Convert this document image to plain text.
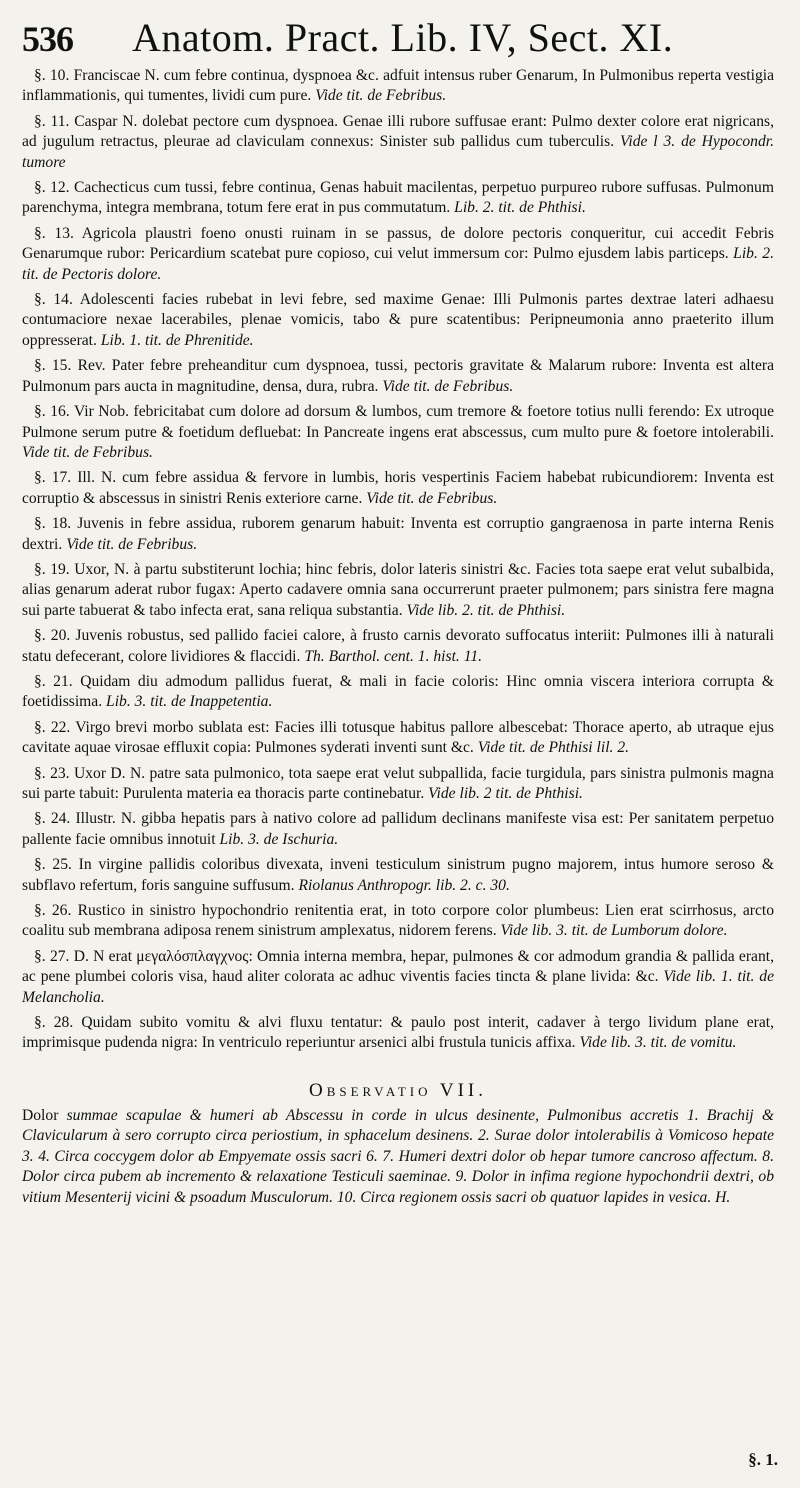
536	Anatom. Pract. Lib. IV, Sect. XI.

§. 10. Franciscae N. cum febre continua, dyspnoea &c. adfuit intensus ruber Genarum, In Pulmonibus reperta vestigia inflammationis, qui tumentes, lividi cum pure. Vide tit. de Febribus.

§. 11. Caspar N. dolebat pectore cum dyspnoea. Genae illi rubore suffusae erant: Pulmo dexter colore erat nigricans, ad jugulum retractus, pleurae ad claviculam connexus: Sinister sub pallidus cum tuberculis. Vide l 3. de Hypocondr. tumore

§. 12. Cachecticus cum tussi, febre continua, Genas habuit macilentas, perpetuo purpureo rubore suffusas. Pulmonum parenchyma, integra membrana, totum fere erat in pus commutatum. Lib. 2. tit. de Phthisi.

§. 13. Agricola plaustri foeno onusti ruinam in se passus, de dolore pectoris conqueritur, cui accedit Febris Genarumque rubor: Pericardium scatebat pure copioso, cui velut immersum cor: Pulmo ejusdem labis particeps. Lib. 2. tit. de Pectoris dolore.

§. 14. Adolescenti facies rubebat in levi febre, sed maxime Genae: Illi Pulmonis partes dextrae lateri adhaesu contumaciore nexae lacerabiles, plenae vomicis, tabo & pure scatentibus: Peripneumonia anno praeterito illum oppresserat. Lib. 1. tit. de Phrenitide.

§. 15. Rev. Pater febre preheanditur cum dyspnoea, tussi, pectoris gravitate & Malarum rubore: Inventa est altera Pulmonum pars aucta in magnitudine, densa, dura, rubra. Vide tit. de Febribus.

§. 16. Vir Nob. febricitabat cum dolore ad dorsum & lumbos, cum tremore & foetore totius nulli ferendo: Ex utroque Pulmone serum putre & foetidum defluebat: In Pancreate ingens erat abscessus, cum multo pure & foetore intolerabili. Vide tit. de Febribus.

§. 17. Ill. N. cum febre assidua & fervore in lumbis, horis vespertinis Faciem habebat rubicundiorem: Inventa est corruptio & abscessus in sinistri Renis exteriore carne. Vide tit. de Febribus.

§. 18. Juvenis in febre assidua, ruborem genarum habuit: Inventa est corruptio gangraenosa in parte interna Renis dextri. Vide tit. de Febribus.

§. 19. Uxor, N. à partu substiterunt lochia; hinc febris, dolor lateris sinistri &c. Facies tota saepe erat velut subalbida, alias genarum aderat rubor fugax: Aperto cadavere omnia sana occurrerunt praeter pulmonem; pars sinistra fere magna sui parte tabuerat & tabo infecta erat, sana reliqua substantia. Vide lib. 2. tit. de Phthisi.

§. 20. Juvenis robustus, sed pallido faciei calore, à frusto carnis devorato suffocatus interiit: Pulmones illi à naturali statu defecerant, colore lividiores & flaccidi. Th. Barthol. cent. 1. hist. 11.

§. 21. Quidam diu admodum pallidus fuerat, & mali in facie coloris: Hinc omnia viscera interiora corrupta & foetidissima. Lib. 3. tit. de Inappetentia.

§. 22. Virgo brevi morbo sublata est: Facies illi totusque habitus pallore albescebat: Thorace aperto, ab utraque ejus cavitate aquae virosae effluxit copia: Pulmones syderati inventi sunt &c. Vide tit. de Phthisi lil. 2.

§. 23. Uxor D. N. patre sata pulmonico, tota saepe erat velut subpallida, facie turgidula, pars sinistra pulmonis magna sui parte tabuit: Purulenta materia ea thoracis parte continebatur. Vide lib. 2 tit. de Phthisi.

§. 24. Illustr. N. gibba hepatis pars à nativo colore ad pallidum declinans manifeste visa est: Per sanitatem perpetuo pallente facie omnibus innotuit Lib. 3. de Ischuria.

§. 25. In virgine pallidis coloribus divexata, inveni testiculum sinistrum pugno majorem, intus humore seroso & subflavo refertum, foris sanguine suffusum. Riolanus Anthropogr. lib. 2. c. 30.

§. 26. Rustico in sinistro hypochondrio renitentia erat, in toto corpore color plumbeus: Lien erat scirrhosus, arcto coalitu sub membrana adiposa renem sinistrum amplexatus, nidorem ferens. Vide lib. 3. tit. de Lumborum dolore.

§. 27. D. N erat μεγαλόσπλαγχνος: Omnia interna membra, hepar, pulmones & cor admodum grandia & pallida erant, ac pene plumbei coloris visa, haud aliter colorata ac adhuc viventis facies tincta & plane livida: &c. Vide lib. 1. tit. de Melancholia.

§. 28. Quidam subito vomitu & alvi fluxu tentatur: & paulo post interit, cadaver à tergo lividum plane erat, imprimisque pudenda nigra: In ventriculo reperiuntur arsenici albi frustula tunicis affixa. Vide lib. 3. tit. de vomitu.

Observatio VII.

Dolor summae scapulae & humeri ab Abscessu in corde in ulcus desinente, Pulmonibus accretis 1. Brachij & Clavicularum à sero corrupto circa periostium, in sphacelum desinens. 2. Surae dolor intolerabilis à Vomicoso hepate 3. 4. Circa coccygem dolor ab Empyemate ossis sacri 6. 7. Humeri dextri dolor ob hepar tumore cancroso affectum. 8. Dolor circa pubem ab incremento & relaxatione Testiculi saeminae. 9. Dolor in infima regione hypochondrii dextri, ob vitium Mesenterij vicini & psoadum Musculorum. 10. Circa regionem ossis sacri ob quatuor lapides in vesica. H.

§. 1.
